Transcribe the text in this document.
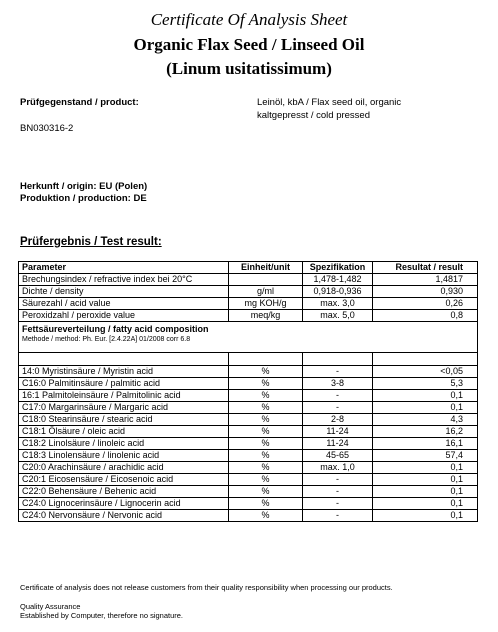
Certificate Of Analysis Sheet
Organic Flax Seed / Linseed Oil
(Linum usitatissimum)
Prüfgegenstand / product:	Leinöl, kbA / Flax seed oil, organic
kaltgepresst / cold pressed
BN030316-2
Herkunft / origin: EU (Polen)
Produktion / production: DE
Prüfergebnis / Test result:
Parameter	Einheit/unit	Spezifikation	Resultat / result
Brechungsindex / refractive index bei 20°C		1,478-1,482	1,4817
Dichte / density	g/ml	0,918-0,936	0,930
Säurezahl / acid value	mg KOH/g	max. 3,0	0,26
Peroxidzahl / peroxide value	meq/kg	max. 5,0	0,8
Fettsäureverteilung / fatty acid composition
Methode / method: Ph. Eur. [2.4.22A] 01/2008 corr 6.8			

14:0 Myristinsäure / Myristin acid	%	-	<0,05
C16:0 Palmitinsäure / palmitic acid	%	3-8	5,3
16:1 Palmitoleinsäure / Palmitolinic acid	%	-	0,1
C17:0 Margarinsäure / Margaric acid	%	-	0,1
C18:0 Stearinsäure / stearic acid	%	2-8	4,3
C18:1 Ölsäure / oleic acid	%	11-24	16,2
C18:2 Linolsäure / linoleic acid	%	11-24	16,1
C18:3 Linolensäure / linolenic acid	%	45-65	57,4
C20:0 Arachinsäure / arachidic acid	%	max. 1,0	0,1
C20:1 Eicosensäure / Eicosenoic acid	%	-	0,1
C22:0 Behensäure / Behenic acid	%	-	0,1
C24:0 Lignocerinsäure / Lignocerin acid	%	-	0,1
C24:0 Nervonsäure / Nervonic acid	%	-	0,1
Certificate of analysis does not release customers from their quality responsibility when processing our products.
Quality Assurance
Established by Computer, therefore no signature.
